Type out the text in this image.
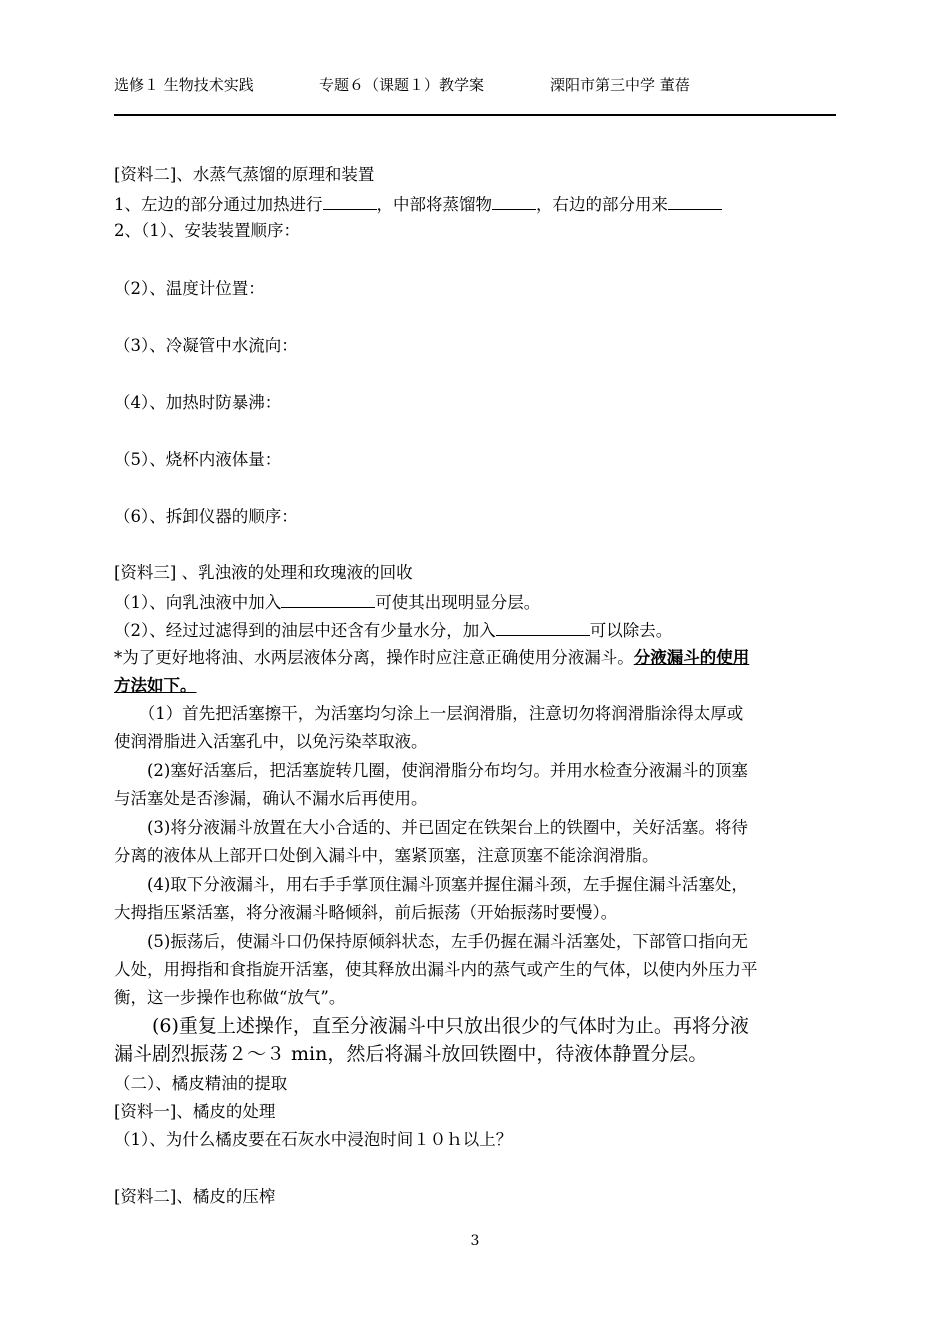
选修１ 生物技术实践	专题６（课题１）教学案	溧阳市第三中学 董蓓
[资料二]、水蒸气蒸馏的原理和装置
1、左边的部分通过加热进行	，中部将蒸馏物	，右边的部分用来
2、（1）、安装装置顺序：
（2）、温度计位置：
（3）、冷凝管中水流向：
（4）、加热时防暴沸：
（5）、烧杯内液体量：
（6）、拆卸仪器的顺序：
[资料三] 、乳浊液的处理和玫瑰液的回收
（1）、向乳浊液中加入	可使其出现明显分层。
（2）、经过过滤得到的油层中还含有少量水分，加入	可以除去。
*为了更好地将油、水两层液体分离，操作时应注意正确使用分液漏斗。分液漏斗的使用
方法如下。
　　（1）首先把活塞擦干，为活塞均匀涂上一层润滑脂，注意切勿将润滑脂涂得太厚或
使润滑脂进入活塞孔中，以免污染萃取液。
　　(2)塞好活塞后，把活塞旋转几圈，使润滑脂分布均匀。并用水检查分液漏斗的顶塞
与活塞处是否渗漏，确认不漏水后再使用。
　　(3)将分液漏斗放置在大小合适的、并已固定在铁架台上的铁圈中，关好活塞。将待
分离的液体从上部开口处倒入漏斗中，塞紧顶塞，注意顶塞不能涂润滑脂。
　　(4)取下分液漏斗，用右手手掌顶住漏斗顶塞并握住漏斗颈，左手握住漏斗活塞处，
大拇指压紧活塞，将分液漏斗略倾斜，前后振荡（开始振荡时要慢）。
　　(5)振荡后，使漏斗口仍保持原倾斜状态，左手仍握在漏斗活塞处，下部管口指向无
人处，用拇指和食指旋开活塞，使其释放出漏斗内的蒸气或产生的气体，以使内外压力平
衡，这一步操作也称做“放气”。
　　(6)重复上述操作，直至分液漏斗中只放出很少的气体时为止。再将分液
漏斗剧烈振荡２～３ min，然后将漏斗放回铁圈中，待液体静置分层。
（二）、橘皮精油的提取
[资料一]、橘皮的处理
（1）、为什么橘皮要在石灰水中浸泡时间１０ｈ以上？
[资料二]、橘皮的压榨
3
